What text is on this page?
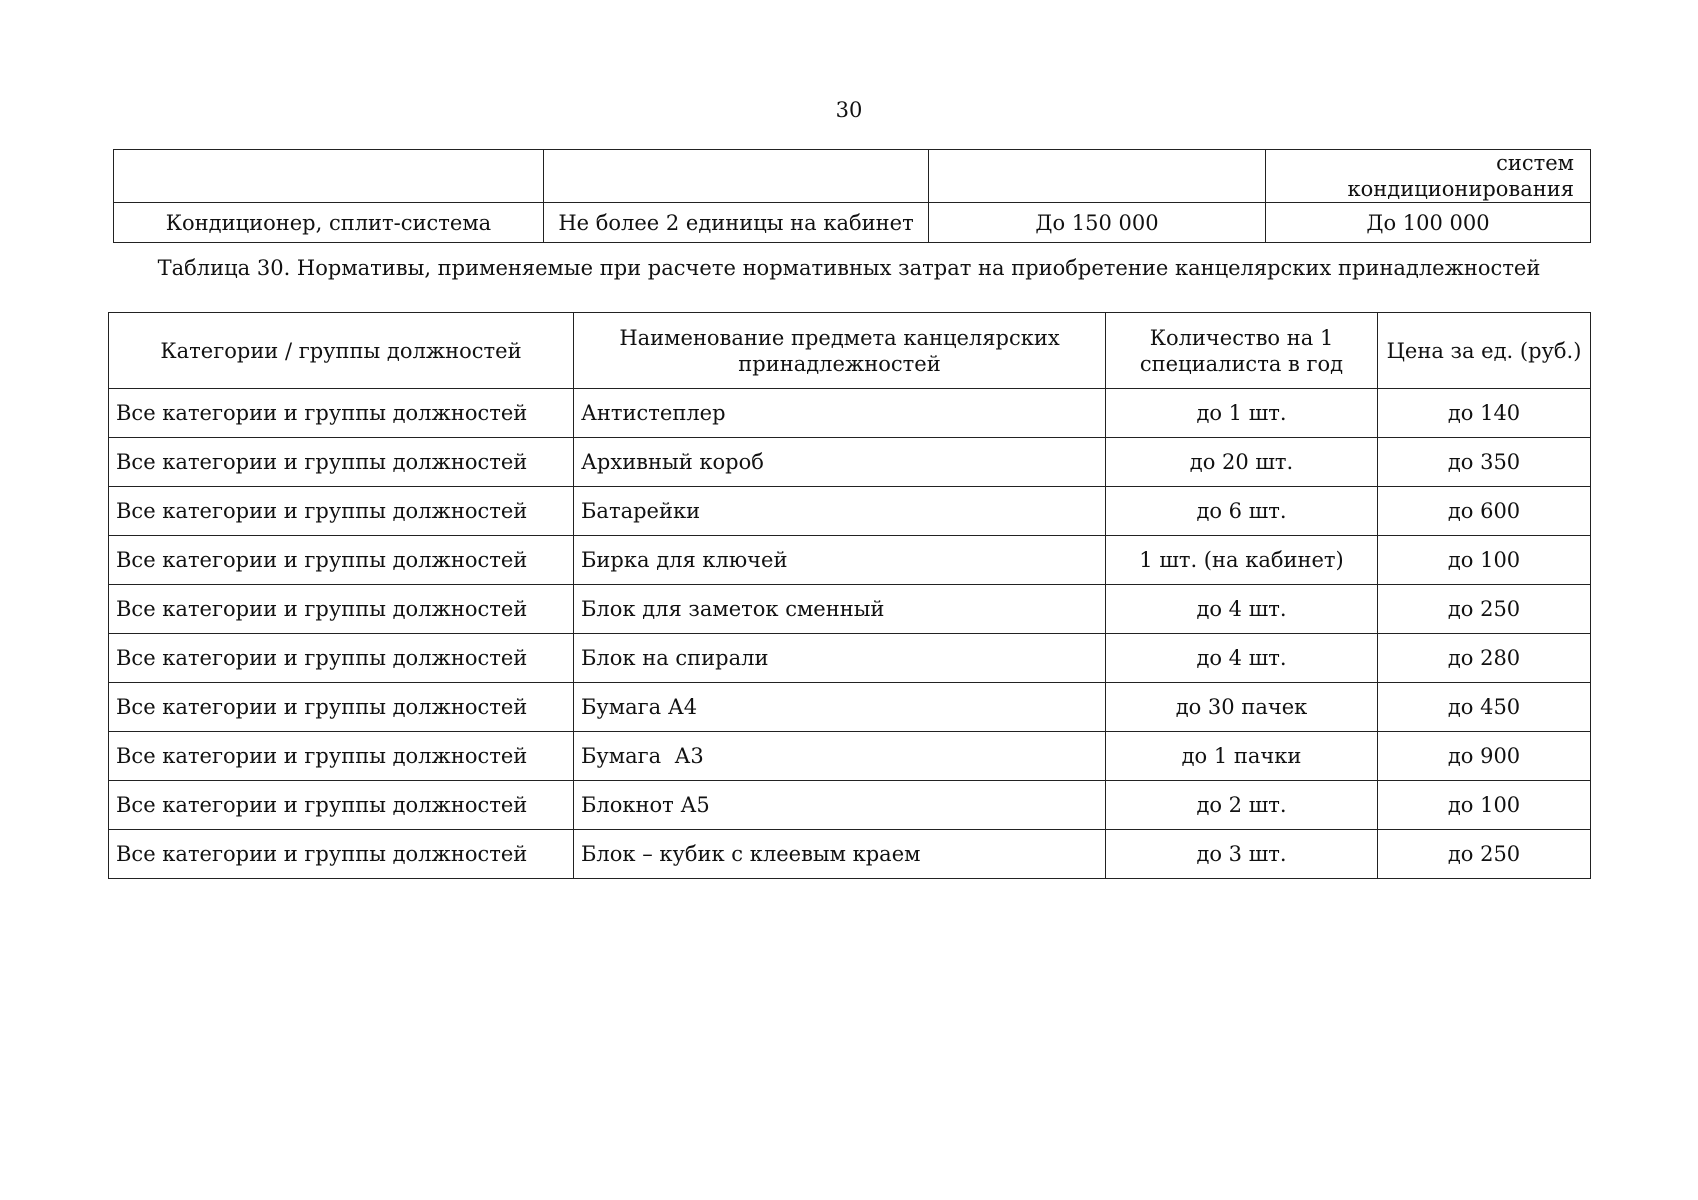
30
			систем кондиционирования
Кондиционер, сплит-система	Не более 2 единицы на кабинет	До 150 000	До 100 000
Таблица 30. Нормативы, применяемые при расчете нормативных затрат на приобретение канцелярских принадлежностей
Категории / группы должностей	Наименование предмета канцелярских принадлежностей	Количество на 1 специалиста в год	Цена за ед. (руб.)
Все категории и группы должностей	Антистеплер	до 1 шт.	до 140
Все категории и группы должностей	Архивный короб	до 20 шт.	до 350
Все категории и группы должностей	Батарейки	до 6 шт.	до 600
Все категории и группы должностей	Бирка для ключей	1 шт. (на кабинет)	до 100
Все категории и группы должностей	Блок для заметок сменный	до 4 шт.	до 250
Все категории и группы должностей	Блок на спирали	до 4 шт.	до 280
Все категории и группы должностей	Бумага А4	до 30 пачек	до 450
Все категории и группы должностей	Бумага  А3	до 1 пачки	до 900
Все категории и группы должностей	Блокнот А5	до 2 шт.	до 100
Все категории и группы должностей	Блок – кубик с клеевым краем	до 3 шт.	до 250
